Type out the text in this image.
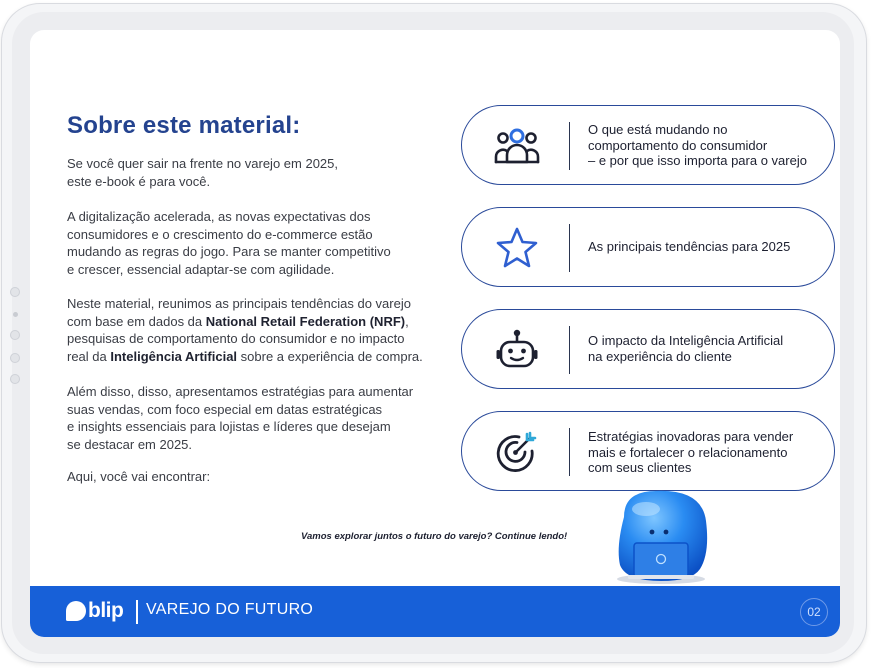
Sobre este material:

Se você quer sair na frente no varejo em 2025,
este e-book é para você.

A digitalização acelerada, as novas expectativas dos
consumidores e o crescimento do e-commerce estão
mudando as regras do jogo. Para se manter competitivo
e crescer, essencial adaptar-se com agilidade.

Neste material, reunimos as principais tendências do varejo
com base em dados da National Retail Federation (NRF),
pesquisas de comportamento do consumidor e no impacto
real da Inteligência Artificial sobre a experiência de compra.

Além disso, disso, apresentamos estratégias para aumentar
suas vendas, com foco especial em datas estratégicas
e insights essenciais para lojistas e líderes que desejam
se destacar em 2025.

Aqui, você vai encontrar:

O que está mudando no
comportamento do consumidor
– e por que isso importa para o varejo

As principais tendências para 2025

O impacto da Inteligência Artificial
na experiência do cliente

Estratégias inovadoras para vender
mais e fortalecer o relacionamento
com seus clientes

Vamos explorar juntos o futuro do varejo? Continue lendo!

blip VAREJO DO FUTURO	02
